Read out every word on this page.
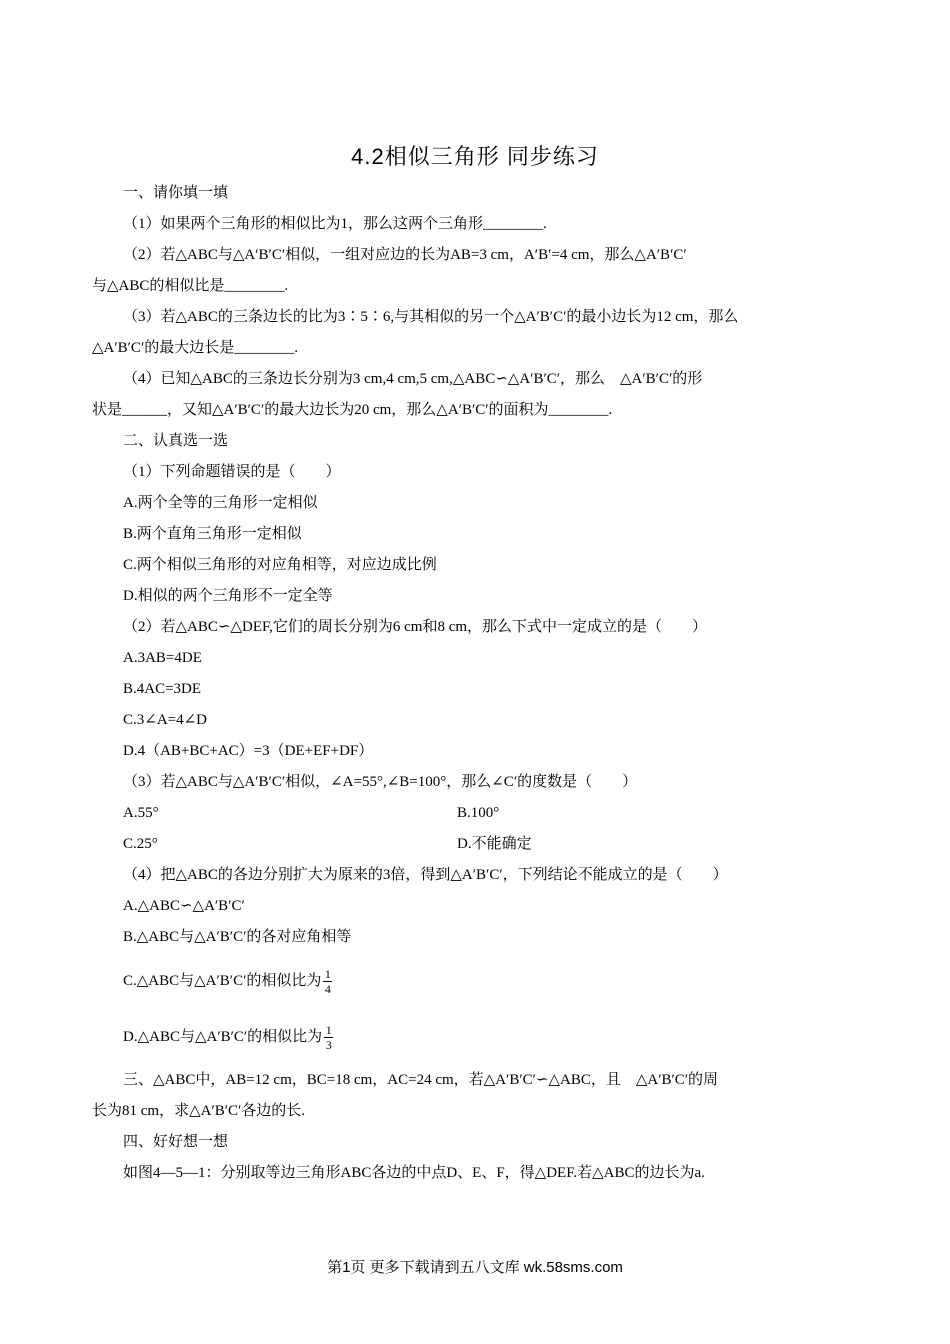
4.2相似三角形 同步练习

一、请你填一填

（1）如果两个三角形的相似比为1，那么这两个三角形________.

（2）若△ABC与△A′B′C′相似，一组对应边的长为AB=3 cm，A′B′=4 cm，那么△A′B′C′

与△ABC的相似比是________.

（3）若△ABC的三条边长的比为3∶5∶6,与其相似的另一个△A′B′C′的最小边长为12 cm，那么

△A′B′C′的最大边长是________.

（4）已知△ABC的三条边长分别为3 cm,4 cm,5 cm,△ABC∽△A′B′C′，那么　△A′B′C′的形

状是______，又知△A′B′C′的最大边长为20 cm，那么△A′B′C′的面积为________.

二、认真选一选

（1）下列命题错误的是（　　）

A.两个全等的三角形一定相似

B.两个直角三角形一定相似

C.两个相似三角形的对应角相等，对应边成比例

D.相似的两个三角形不一定全等

（2）若△ABC∽△DEF,它们的周长分别为6 cm和8 cm，那么下式中一定成立的是（　　）

A.3AB=4DE

B.4AC=3DE

C.3∠A=4∠D

D.4（AB+BC+AC）=3（DE+EF+DF）

（3）若△ABC与△A′B′C′相似，∠A=55°,∠B=100°，那么∠C′的度数是（　　）

A.55°	B.100°
C.25°	D.不能确定

（4）把△ABC的各边分别扩大为原来的3倍，得到△A′B′C′，下列结论不能成立的是（　　）

A.△ABC∽△A′B′C′

B.△ABC与△A′B′C′的各对应角相等

C.△ABC与△A′B′C′的相似比为 $\frac{1}{4}$

D.△ABC与△A′B′C′的相似比为 $\frac{1}{3}$

三、△ABC中，AB=12 cm，BC=18 cm，AC=24 cm，若△A′B′C′∽△ABC，且　△A′B′C′的周

长为81 cm，求△A′B′C′各边的长.

四、好好想一想

如图4—5—1：分别取等边三角形ABC各边的中点D、E、F，得△DEF.若△ABC的边长为a.

第1页 更多下载请到五八文库 wk.58sms.com
